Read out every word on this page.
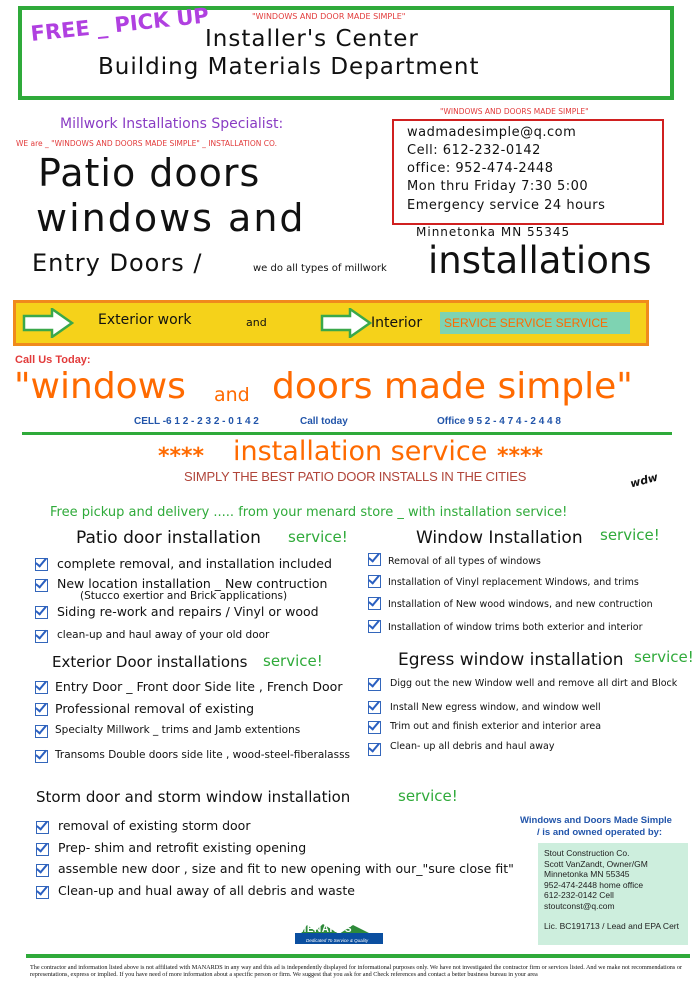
"WINDOWS AND DOOR MADE SIMPLE"
FREE _ PICK UP
Installer's Center
Building Materials Department
"WINDOWS AND DOORS MADE SIMPLE"
wadmadesimple@q.com
Cell: 612-232-0142
office: 952-474-2448
Mon thru Friday 7:30 5:00
Emergency service 24 hours
Minnetonka MN 55345
Millwork Installations Specialist:
WE are _ "WINDOWS AND DOORS MADE SIMPLE" _ INSTALLATION CO.
Patio doors
windows and
Entry Doors /	we do all types of millwork installations
Exterior work	and	Interior	SERVICE SERVICE SERVICE
Call Us Today:
"windows and doors made simple"
CELL -6 1 2 - 2 3 2 - 0 1 4 2	Call today	Office 9 5 2 - 4 7 4 - 2 4 4 8
**** installation service ****
SIMPLY THE BEST PATIO DOOR INSTALLS IN THE CITIES	wdw
Free pickup and delivery ..... from your menard store _ with installation service!
Patio door installation service!
complete removal, and installation included
New location installation _ New contruction
(Stucco exertior and Brick applications)
Siding re-work and repairs / Vinyl or wood
clean-up and haul away of your old door
Window Installation service!
Removal of all types of windows
Installation of Vinyl replacement Windows, and trims
Installation of New wood windows, and new contruction
Installation of window trims both exterior and interior
Exterior Door installations service!
Entry Door _ Front door Side lite , French Door
Professional removal of existing
Specialty Millwork _ trims and Jamb extentions
Transoms Double doors side lite , wood-steel-fiberalasss
Egress window installation service!
Digg out the new Window well and remove all dirt and Block
Install New egress window, and window well
Trim out and finish exterior and interior area
Clean- up all debris and haul away
Storm door and storm window installation	service!
removal of existing storm door
Prep- shim and retrofit existing opening
assemble new door , size and fit to new opening with our_"sure close fit"
Clean-up and hual away of all debris and waste
Windows and Doors Made Simple
/ is and owned operated by:
Stout Construction Co.
Scott VanZandt, Owner/GM
Minnetonka MN 55345
952-474-2448 home office
612-232-0142 Cell
stoutconst@q.com
Lic. BC191713 / Lead and EPA Cert
MENARDS
Dedicated To Service & Quality
The contractor and information listed above is not affiliated with MANARDS in any way and this ad is independently displayed for informational purposes only. We have not investigated the contractor firm or services listed. And we make not recommendations or representations, express or implied. If you have need of more information about a specific person or firm. We suggest that you ask for and Check references and contact a better business bureau in your area
